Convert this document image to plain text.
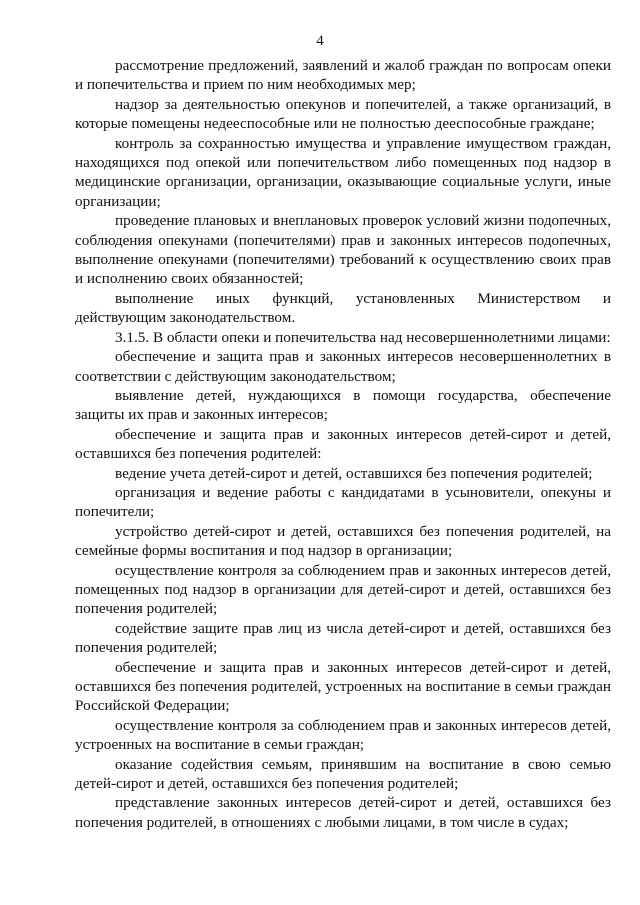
4

рассмотрение предложений, заявлений и жалоб граждан по вопросам опеки и попечительства и прием по ним необходимых мер;

надзор за деятельностью опекунов и попечителей, а также организаций, в которые помещены недееспособные или не полностью дееспособные граждане;

контроль за сохранностью имущества и управление имуществом граждан, находящихся под опекой или попечительством либо помещенных под надзор в медицинские организации, организации, оказывающие социальные услуги, иные организации;

проведение плановых и внеплановых проверок условий жизни подопечных, соблюдения опекунами (попечителями) прав и законных интересов подопечных, выполнение опекунами (попечителями) требований к осуществлению своих прав и исполнению своих обязанностей;

выполнение иных функций, установленных Министерством и действующим законодательством.

3.1.5. В области опеки и попечительства над несовершеннолетними лицами:

обеспечение и защита прав и законных интересов несовершеннолетних в соответствии с действующим законодательством;

выявление детей, нуждающихся в помощи государства, обеспечение защиты их прав и законных интересов;

обеспечение и защита прав и законных интересов детей-сирот и детей, оставшихся без попечения родителей:

ведение учета детей-сирот и детей, оставшихся без попечения родителей;

организация и ведение работы с кандидатами в усыновители, опекуны и попечители;

устройство детей-сирот и детей, оставшихся без попечения родителей, на семейные формы воспитания и под надзор в организации;

осуществление контроля за соблюдением прав и законных интересов детей, помещенных под надзор в организации для детей-сирот и детей, оставшихся без попечения родителей;

содействие защите прав лиц из числа детей-сирот и детей, оставшихся без попечения родителей;

обеспечение и защита прав и законных интересов детей-сирот и детей, оставшихся без попечения родителей, устроенных на воспитание в семьи граждан Российской Федерации;

осуществление контроля за соблюдением прав и законных интересов детей, устроенных на воспитание в семьи граждан;

оказание содействия семьям, принявшим на воспитание в свою семью детей-сирот и детей, оставшихся без попечения родителей;

представление законных интересов детей-сирот и детей, оставшихся без попечения родителей, в отношениях с любыми лицами, в том числе в судах;
